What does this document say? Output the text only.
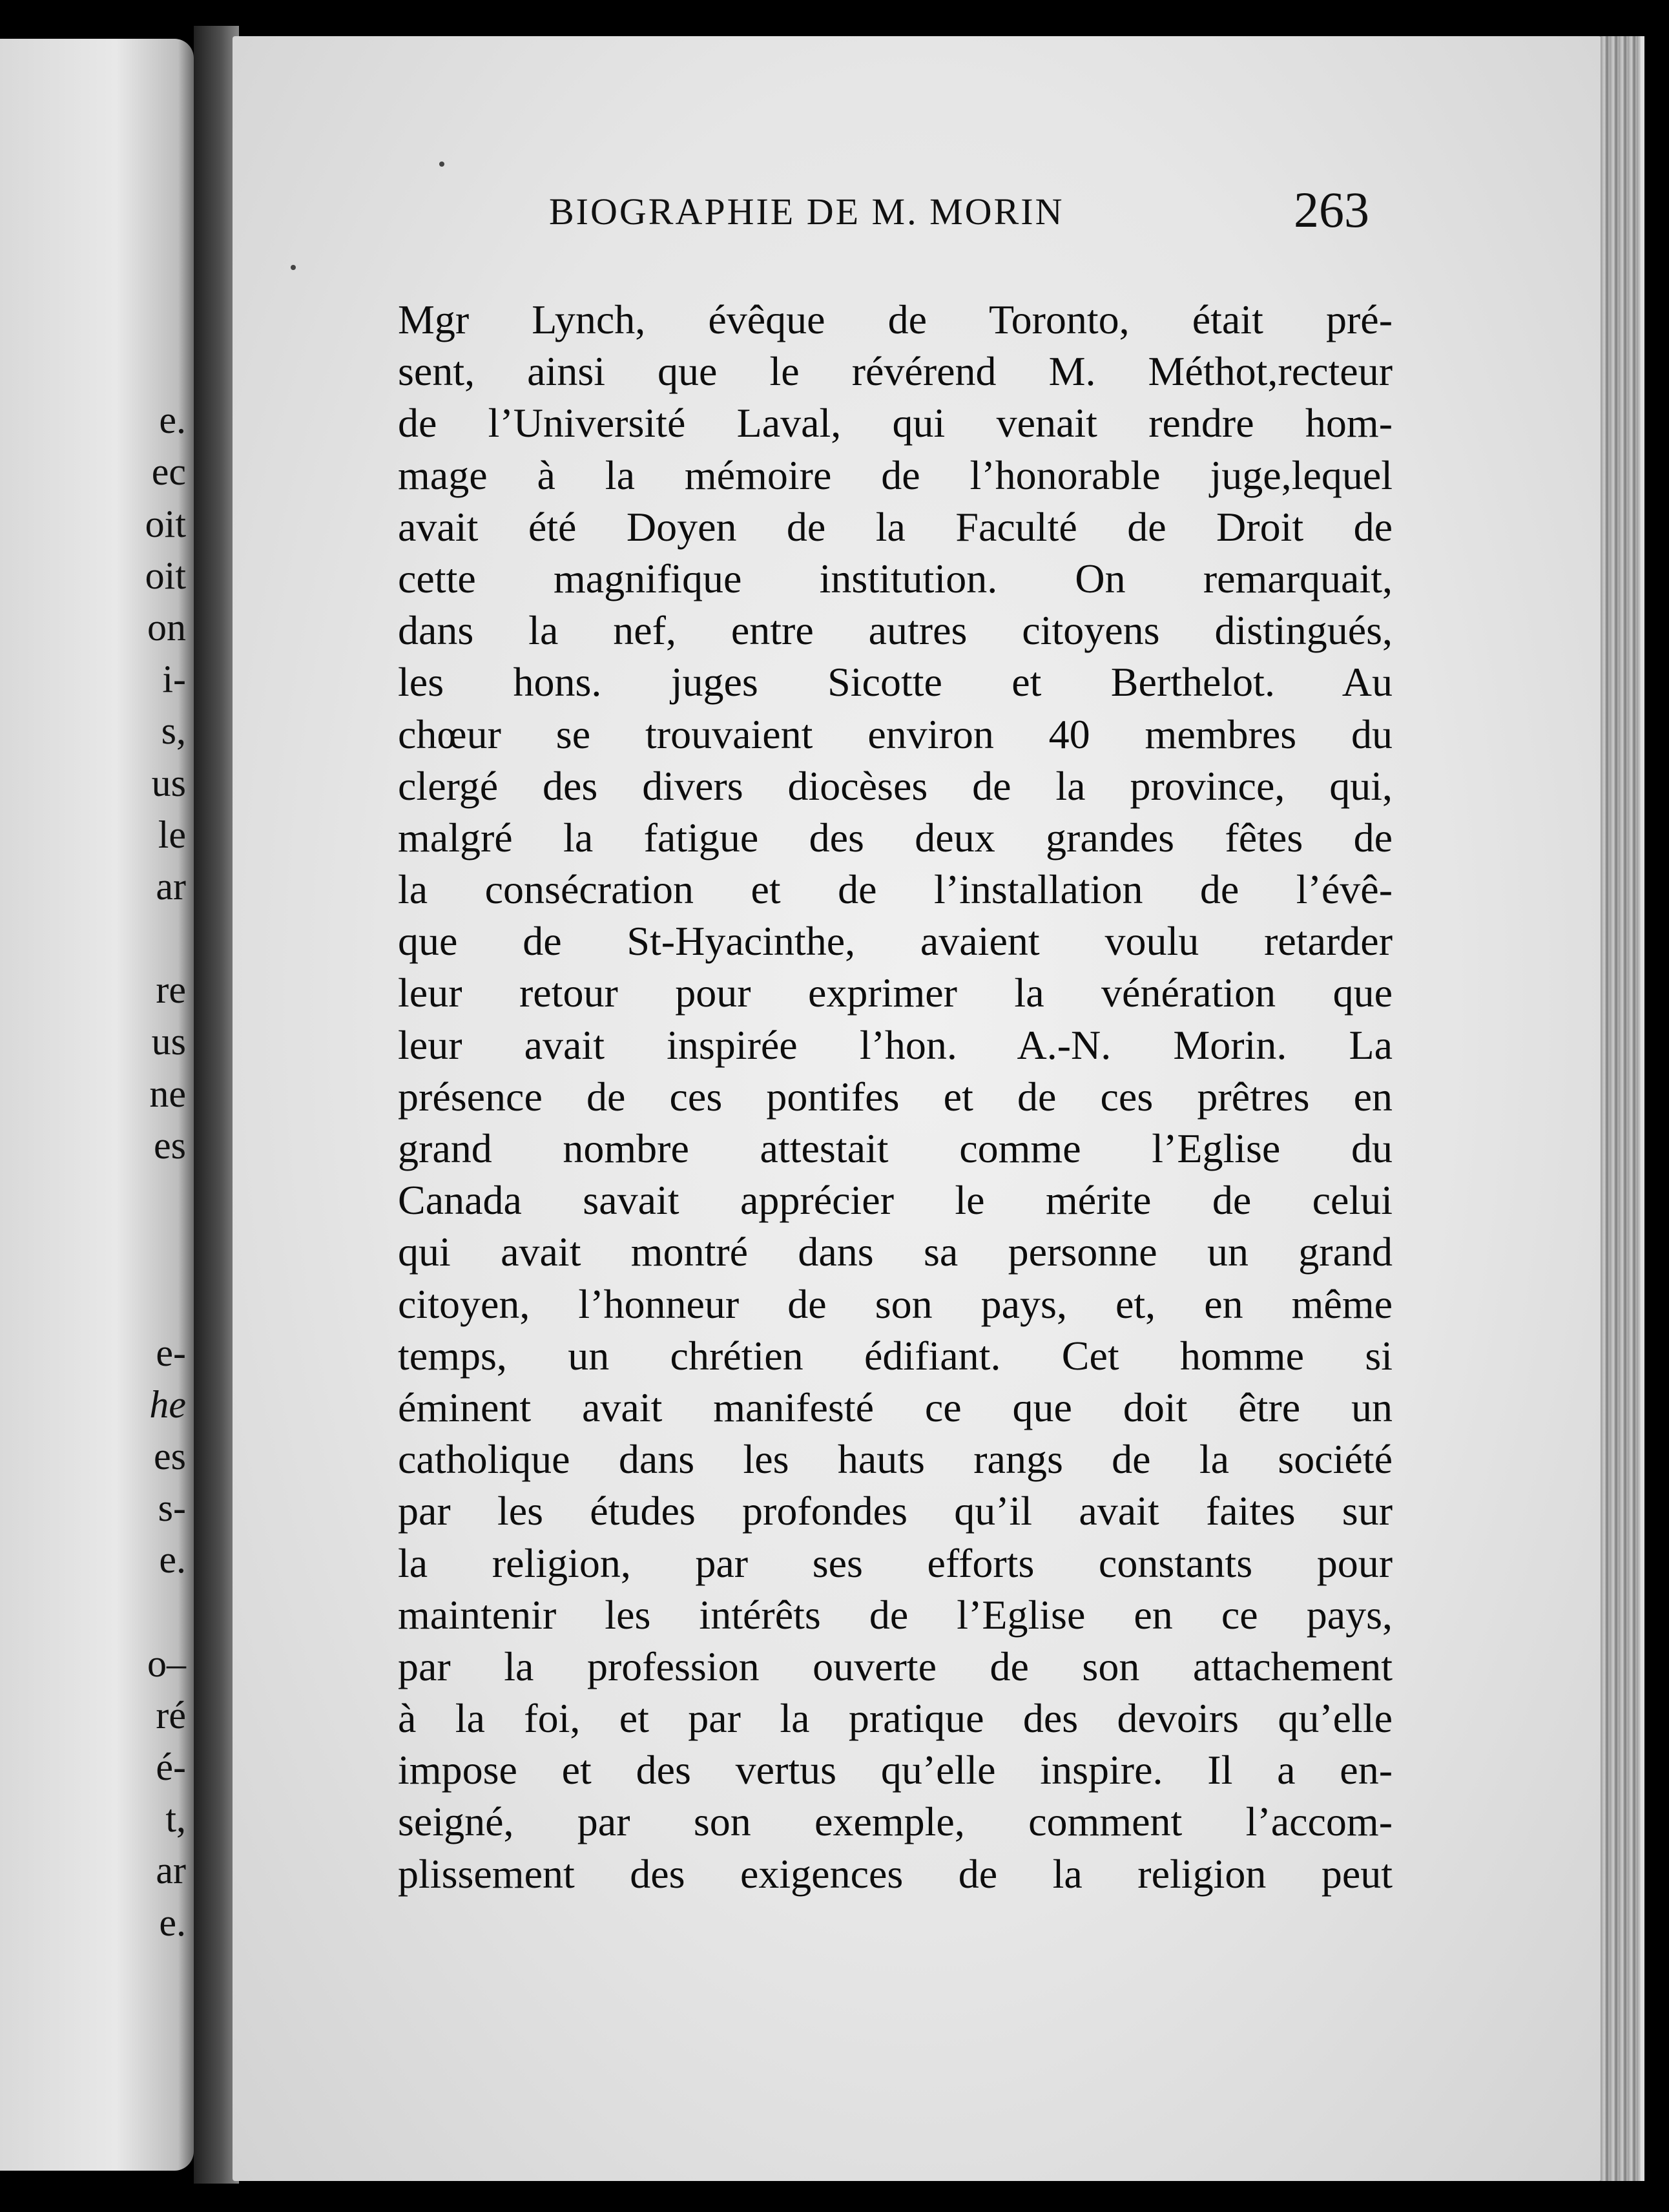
e.
ec
oit
oit
on
i-
s,
us
le
ar
re
us
ne
es
e-
he
es
s-
e.
o–
ré
é-
t,
ar
e.
BIOGRAPHIE DE M. MORIN	263
Mgr Lynch, évêque de Toronto, était pré-
sent, ainsi que le révérend M. Méthot,recteur
de l’Université Laval, qui venait rendre hom-
mage à la mémoire de l’honorable juge,lequel
avait été Doyen de la Faculté de Droit de
cette magnifique institution. On remarquait,
dans la nef, entre autres citoyens distingués,
les hons. juges Sicotte et Berthelot. Au
chœur se trouvaient environ 40 membres du
clergé des divers diocèses de la province, qui,
malgré la fatigue des deux grandes fêtes de
la consécration et de l’installation de l’évê-
que de St-Hyacinthe, avaient voulu retarder
leur retour pour exprimer la vénération que
leur avait inspirée l’hon. A.-N. Morin. La
présence de ces pontifes et de ces prêtres en
grand nombre attestait comme l’Eglise du
Canada savait apprécier le mérite de celui
qui avait montré dans sa personne un grand
citoyen, l’honneur de son pays, et, en même
temps, un chrétien édifiant. Cet homme si
éminent avait manifesté ce que doit être un
catholique dans les hauts rangs de la société
par les études profondes qu’il avait faites sur
la religion, par ses efforts constants pour
maintenir les intérêts de l’Eglise en ce pays,
par la profession ouverte de son attachement
à la foi, et par la pratique des devoirs qu’elle
impose et des vertus qu’elle inspire. Il a en-
seigné, par son exemple, comment l’accom-
plissement des exigences de la religion peut
